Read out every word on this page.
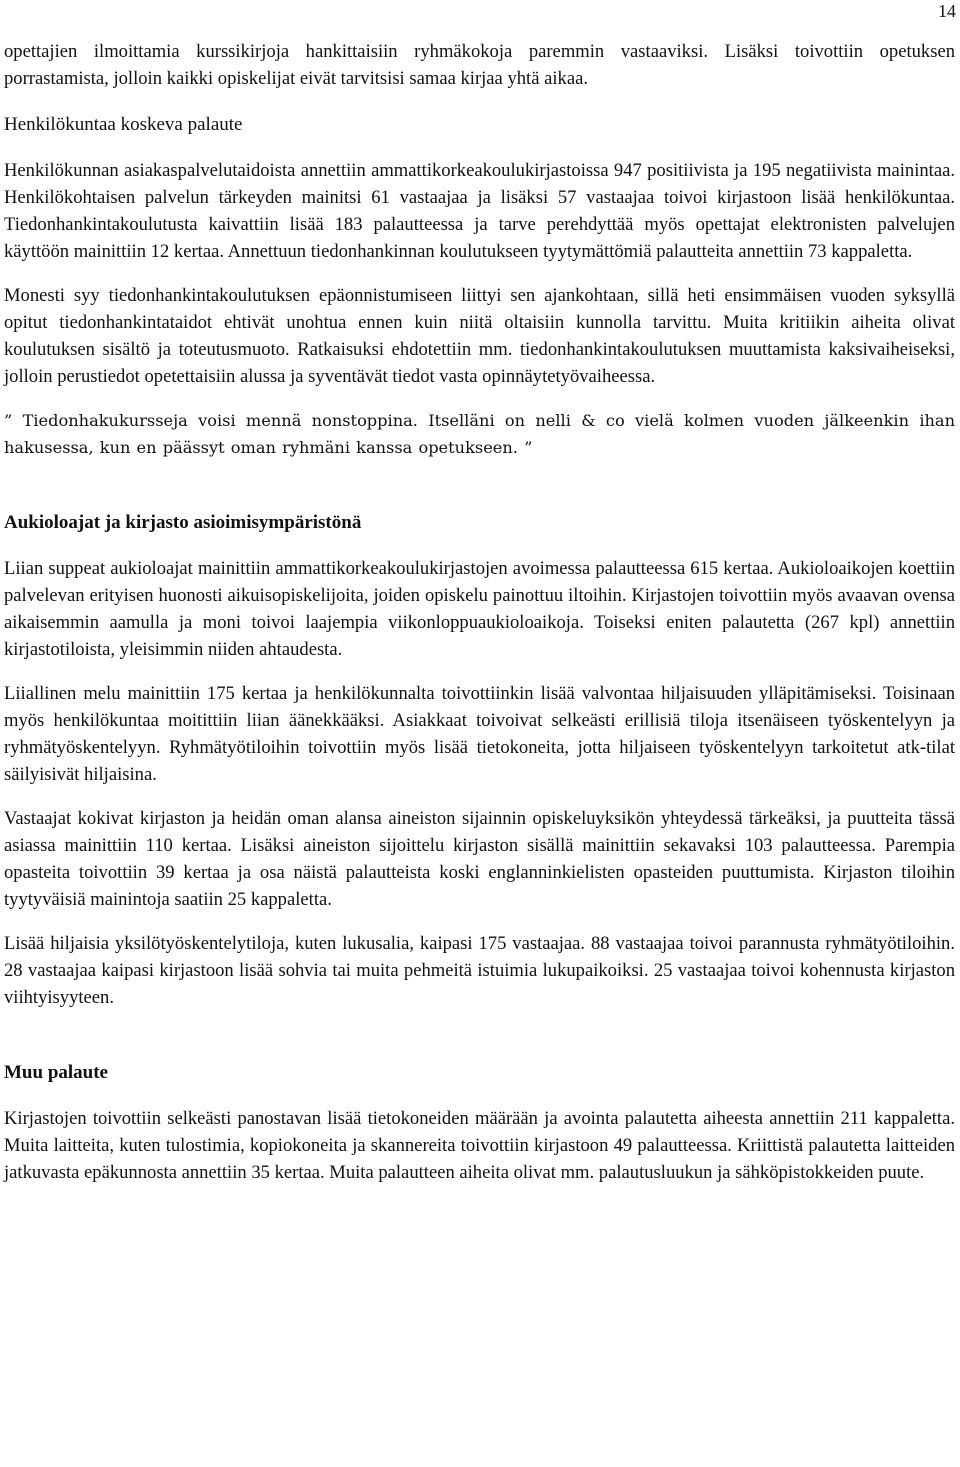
14

opettajien ilmoittamia kurssikirjoja hankittaisiin ryhmäkokoja paremmin vastaaviksi. Lisäksi toivottiin opetuksen porrastamista, jolloin kaikki opiskelijat eivät tarvitsisi samaa kirjaa yhtä aikaa.

Henkilökuntaa koskeva palaute

Henkilökunnan asiakaspalvelutaidoista annettiin ammattikorkeakoulukirjastoissa 947 positiivista ja 195 negatiivista mainintaa. Henkilökohtaisen palvelun tärkeyden mainitsi 61 vastaajaa ja lisäksi 57 vastaajaa toivoi kirjastoon lisää henkilökuntaa. Tiedonhankintakoulutusta kaivattiin lisää 183 palautteessa ja tarve perehdyttää myös opettajat elektronisten palvelujen käyttöön mainittiin 12 kertaa. Annettuun tiedonhankinnan koulutukseen tyytymättömiä palautteita annettiin 73 kappaletta.

Monesti syy tiedonhankintakoulutuksen epäonnistumiseen liittyi sen ajankohtaan, sillä heti ensimmäisen vuoden syksyllä opitut tiedonhankintataidot ehtivät unohtua ennen kuin niitä oltaisiin kunnolla tarvittu. Muita kritiikin aiheita olivat koulutuksen sisältö ja toteutusmuoto. Ratkaisuksi ehdotettiin mm. tiedonhankintakoulutuksen muuttamista kaksivaiheiseksi, jolloin perustiedot opetettaisiin alussa ja syventävät tiedot vasta opinnäytetyövaiheessa.

” Tiedonhakukursseja voisi mennä nonstoppina. Itselläni on nelli & co vielä kolmen vuoden jälkeenkin ihan hakusessa, kun en päässyt oman ryhmäni kanssa opetukseen. ”

Aukioloajat ja kirjasto asioimisympäristönä

Liian suppeat aukioloajat mainittiin ammattikorkeakoulukirjastojen avoimessa palautteessa 615 kertaa. Aukioloaikojen koettiin palvelevan erityisen huonosti aikuisopiskelijoita, joiden opiskelu painottuu iltoihin. Kirjastojen toivottiin myös avaavan ovensa aikaisemmin aamulla ja moni toivoi laajempia viikonloppuaukioloaikoja. Toiseksi eniten palautetta (267 kpl) annettiin kirjastotiloista, yleisimmin niiden ahtaudesta.

Liiallinen melu mainittiin 175 kertaa ja henkilökunnalta toivottiinkin lisää valvontaa hiljaisuuden ylläpitämiseksi. Toisinaan myös henkilökuntaa moitittiin liian äänekkääksi. Asiakkaat toivoivat selkeästi erillisiä tiloja itsenäiseen työskentelyyn ja ryhmätyöskentelyyn. Ryhmätyötiloihin toivottiin myös lisää tietokoneita, jotta hiljaiseen työskentelyyn tarkoitetut atk-tilat säilyisivät hiljaisina.

Vastaajat kokivat kirjaston ja heidän oman alansa aineiston sijainnin opiskeluyksikön yhteydessä tärkeäksi, ja puutteita tässä asiassa mainittiin 110 kertaa. Lisäksi aineiston sijoittelu kirjaston sisällä mainittiin sekavaksi 103 palautteessa. Parempia opasteita toivottiin 39 kertaa ja osa näistä palautteista koski englanninkielisten opasteiden puuttumista. Kirjaston tiloihin tyytyväisiä mainintoja saatiin 25 kappaletta.

Lisää hiljaisia yksilötyöskentelytiloja, kuten lukusalia, kaipasi 175 vastaajaa. 88 vastaajaa toivoi parannusta ryhmätyötiloihin. 28 vastaajaa kaipasi kirjastoon lisää sohvia tai muita pehmeitä istuimia lukupaikoiksi. 25 vastaajaa toivoi kohennusta kirjaston viihtyisyyteen.

Muu palaute

Kirjastojen toivottiin selkeästi panostavan lisää tietokoneiden määrään ja avointa palautetta aiheesta annettiin 211 kappaletta. Muita laitteita, kuten tulostimia, kopiokoneita ja skannereita toivottiin kirjastoon 49 palautteessa. Kriittistä palautetta laitteiden jatkuvasta epäkunnosta annettiin 35 kertaa. Muita palautteen aiheita olivat mm. palautusluukun ja sähköpistokkeiden puute.
